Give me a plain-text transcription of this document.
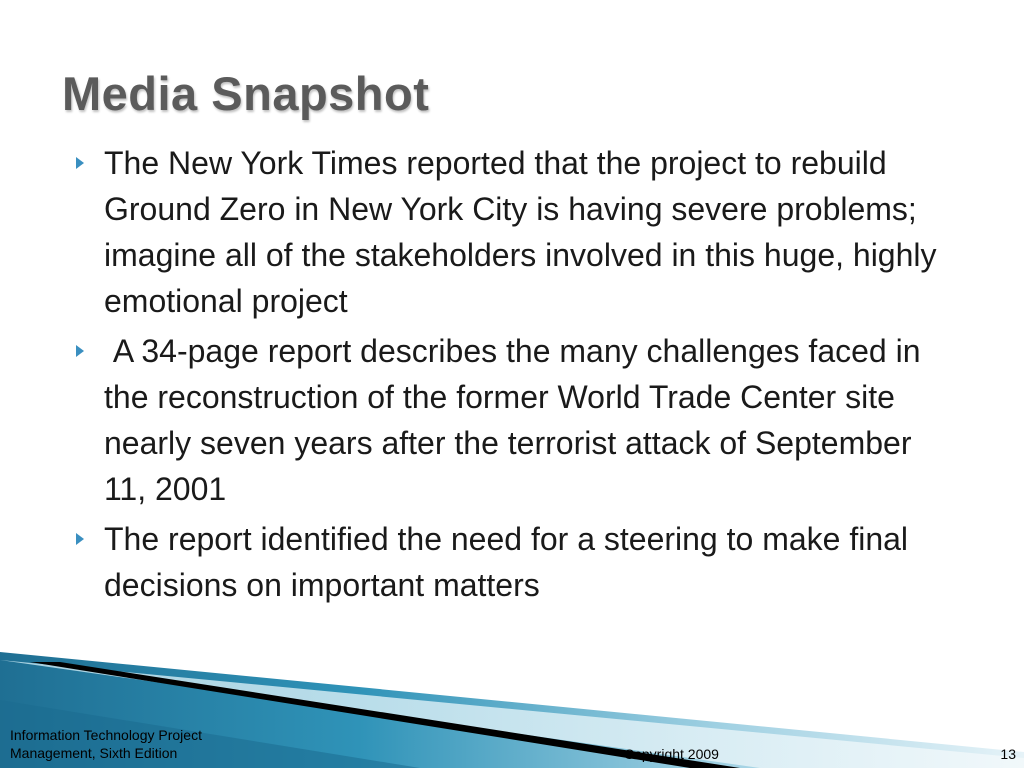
Media Snapshot
The New York Times reported that the project to rebuild Ground Zero in New York City is having severe problems; imagine all of the stakeholders involved in this huge, highly emotional project
A 34-page report describes the many challenges faced in the reconstruction of the former World Trade Center site nearly seven years after the terrorist attack of September 11, 2001
The report identified the need for a steering to make final decisions on important matters
Information Technology Project
Management, Sixth Edition	Copyright 2009	13
